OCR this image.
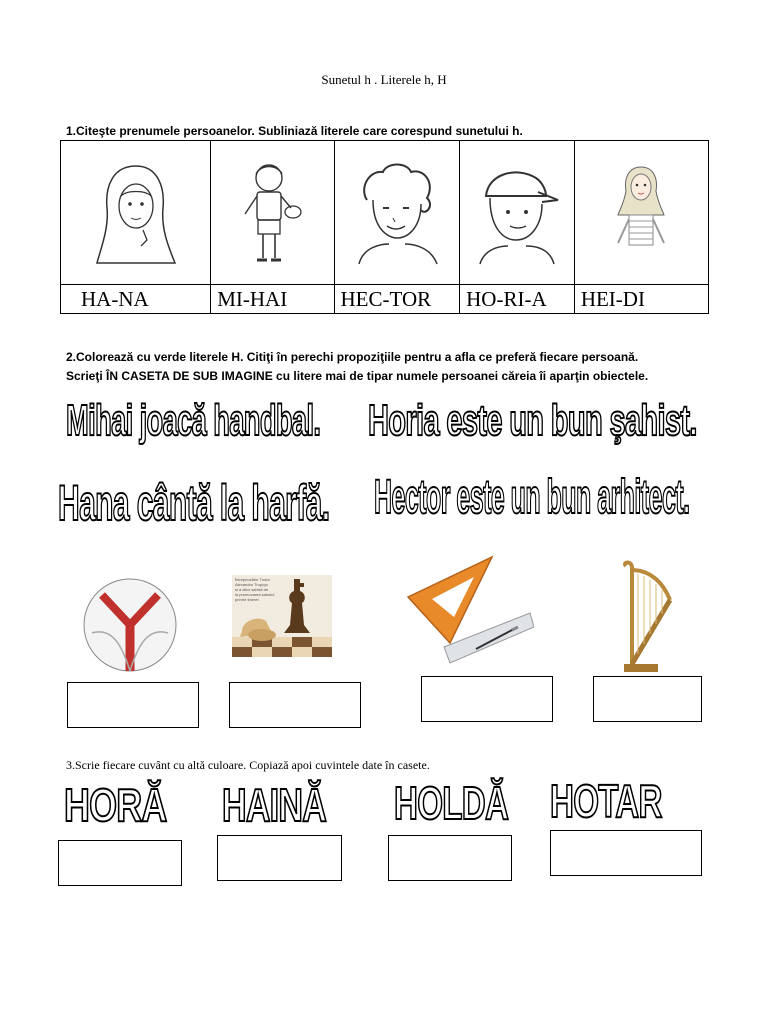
Sunetul h . Literele h, H
1.Citeşte prenumele persoanelor. Subliniază literele care corespund sunetului h.

HA-NA	MI-HAI	HEC-TOR	HO-RI-A	HEI-DI
2.Colorează cu verde literele H. Citiţi în perechi propoziţiile pentru a afla ce preferă fiecare persoană.
Scrieţi ÎN CASETA DE SUB IMAGINE cu litere mai de tipar numele persoanei căreia îi aparţin obiectele.
Mihai joacă handbal. Horia este un bun şahist.
Hana cântă la harfă. Hector este un bun arhitect.
Întreprinzător Tudor
Alexandru Tropcyc
și a altor șahiști de
la promovarea șahului
printre tineret
3.Scrie fiecare cuvânt cu altă culoare. Copiază apoi cuvintele date în casete.
HORĂ HAINĂ HOLDĂ HOTAR
